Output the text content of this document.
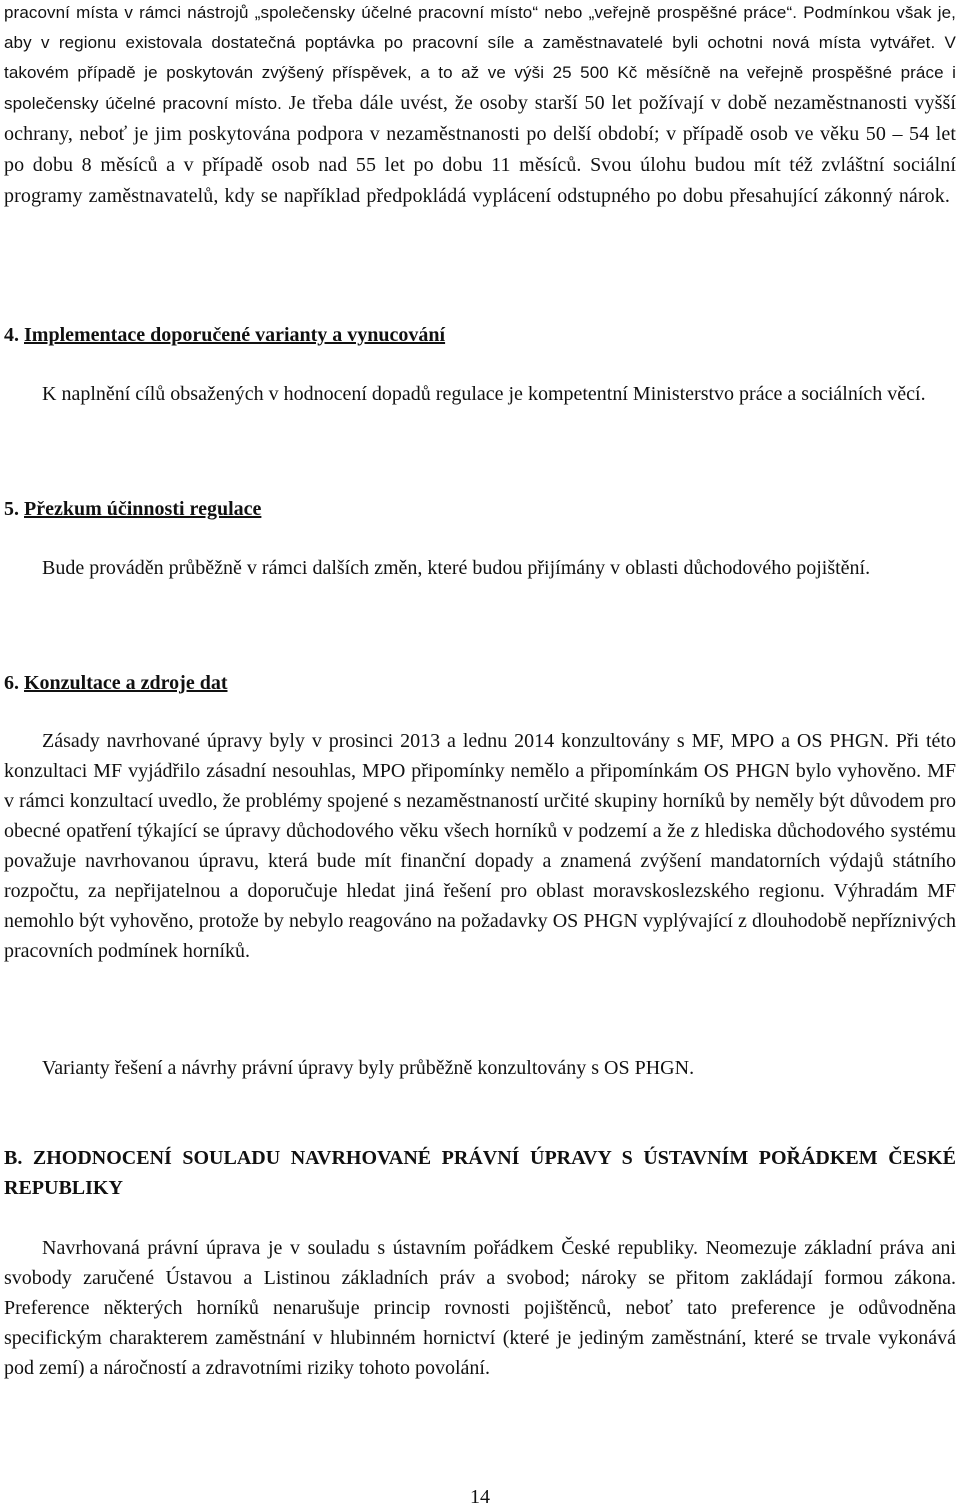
pracovní místa v rámci nástrojů „společensky účelné pracovní místo“ nebo „veřejně prospěšné práce“. Podmínkou však je, aby v regionu existovala dostatečná poptávka po pracovní síle a zaměstnavatelé byli ochotni nová místa vytvářet. V takovém případě je poskytován zvýšený příspěvek, a to až ve výši 25 500 Kč měsíčně na veřejně prospěšné práce i společensky účelné pracovní místo. Je třeba dále uvést, že osoby starší 50 let požívají v době nezaměstnanosti vyšší ochrany, neboť je jim poskytována podpora v nezaměstnanosti po delší období; v případě osob ve věku 50 – 54 let po dobu 8 měsíců a v případě osob nad 55 let po dobu 11 měsíců. Svou úlohu budou mít též zvláštní sociální programy zaměstnavatelů, kdy se například předpokládá vyplácení odstupného po dobu přesahující zákonný nárok.

4. Implementace doporučené varianty a vynucování

K naplnění cílů obsažených v hodnocení dopadů regulace je kompetentní Ministerstvo práce a sociálních věcí.

5. Přezkum účinnosti regulace

Bude prováděn průběžně v rámci dalších změn, které budou přijímány v oblasti důchodového pojištění.

6. Konzultace a zdroje dat

Zásady navrhované úpravy byly v prosinci 2013 a lednu 2014 konzultovány s MF, MPO a OS PHGN. Při této konzultaci MF vyjádřilo zásadní nesouhlas, MPO připomínky nemělo a připomínkám OS PHGN bylo vyhověno. MF v rámci konzultací uvedlo, že problémy spojené s nezaměstnaností určité skupiny horníků by neměly být důvodem pro obecné opatření týkající se úpravy důchodového věku všech horníků v podzemí a že z hlediska důchodového systému považuje navrhovanou úpravu, která bude mít finanční dopady a znamená zvýšení mandatorních výdajů státního rozpočtu, za nepřijatelnou a doporučuje hledat jiná řešení pro oblast moravskoslezského regionu. Výhradám MF nemohlo být vyhověno, protože by nebylo reagováno na požadavky OS PHGN vyplývající z dlouhodobě nepříznivých pracovních podmínek horníků.

Varianty řešení a návrhy právní úpravy byly průběžně konzultovány s OS PHGN.

B. ZHODNOCENÍ SOULADU NAVRHOVANÉ PRÁVNÍ ÚPRAVY S ÚSTAVNÍM POŘÁDKEM ČESKÉ REPUBLIKY

Navrhovaná právní úprava je v souladu s ústavním pořádkem České republiky. Neomezuje základní práva ani svobody zaručené Ústavou a Listinou základních práv a svobod; nároky se přitom zakládají formou zákona. Preference některých horníků nenarušuje princip rovnosti pojištěnců, neboť tato preference je odůvodněna specifickým charakterem zaměstnání v hlubinném hornictví (které je jediným zaměstnání, které se trvale vykonává pod zemí) a náročností a zdravotními riziky tohoto povolání.

14
